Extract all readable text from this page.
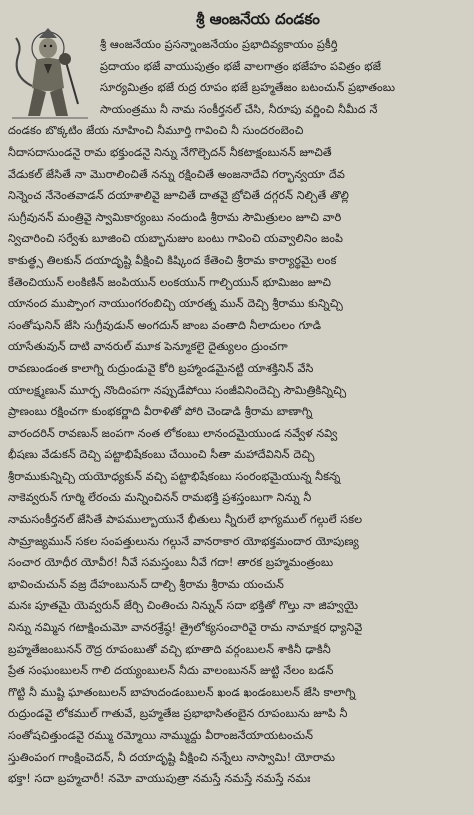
శ్రీ ఆంజనేయ దండకం
శ్రీ ఆంజనేయం ప్రసన్నాంజనేయం ప్రభాదివ్యకాయం ప్రకీర్తి
ప్రదాయం భజే వాయుపుత్రం భజే వాలగాత్రం భజేహం పవిత్రం భజే
సూర్యమిత్రం భజే రుద్ర రూపం భజే బ్రహ్మతేజం బటంచున్ ప్రభాతంబు
సాయంత్రము నీ నామ సంకీర్తనల్ చేసి, నీరూపు వర్ణించి నీమీద నే
దండకం బొక్కటిం జేయ నూహించి నీమూర్తి గావించి నీ సుందరంబెంచి
నీదాసదాసుండనై రామ భక్తుండనై నిన్ను నేగొల్చెదన్ నీకటాక్షంబునన్ జూచితే
వేడుకల్ జేసితే నా మొరాలించితే నన్ను రక్షించితే అంజనాదేవి గర్భాన్వయా దేవ
నిన్నెంచ నేనెంతవాడన్ దయాశాలివై జూచితే దాతవై బ్రోచితే దగ్గరన్ నిల్చితే తొల్లి
సుగ్రీవునన్ మంత్రివై స్వామికార్యంబు నందుండి శ్రీరామ సౌమిత్రులం జూచి వారి
న్విచారించి సర్వేశు బూజించి యబ్భానుజుం బంటు గావించి యవ్వాలినిం జంపి
కాకుత్థ్స తిలకున్ దయాదృష్టి వీక్షించి కిష్కింద కేతెంచి శ్రీరామ కార్యార్థమై లంక
కేతెంచియున్ లంకిణిన్ జంపియున్ లంకయున్ గాల్చియున్ భూమిజం జూచి
యానంద ముప్పొంగ నాయుంగరంబిచ్చి యారత్న మున్ దెచ్చి శ్రీరాము కున్నిచ్చి
సంతోషునిన్ జేసి సుగ్రీవుడున్ అంగదున్ జాంబ వంతాది నీలాదులం గూడి
యాసేతువున్ దాటి వానరుల్ మూక పెన్మూకలై దైత్యులం ద్రుంచగా
రావణుండంత కాలాగ్ని రుద్రుండువై కోరి బ్రహ్మాండమైనట్టి యాశక్తినిన్ వేసి
యాలక్ష్మణున్ మూర్ఛ నొందింపగా నప్పుడేపోయి సంజీవినిందెచ్చి సౌమిత్రికిన్నిచ్చి
ప్రాణంబు రక్షించగా కుంభకర్ణాది వీరాళితో పోరి చెండాడి శ్రీరామ బాణాగ్ని
వారందరిన్ రావణున్ జంపగా నంత లోకంబు లానందమైయుండ నవ్వేళ నవ్వి
భీషణు వేడుకన్ దెచ్చి పట్టాభిషేకంబు చేయించి సీతా మహాదేవినిన్ దెచ్చి
శ్రీరాముకున్నిచ్చి యయోధ్యకున్ వచ్చి పట్టాభిషేకంబు సంరంభమైయున్న నీకన్న
నాకెవ్వరున్ గూర్మి లేరంచు మన్నించినన్ రామభక్తి ప్రశస్తంబుగా నిన్ను నీ
నామసంకీర్తనల్ జేసితే పాపముల్బాయునే భీతులు న్నీరులే భాగ్యముల్ గల్గులే సకల
సామ్రాజ్యమున్ సకల సంపత్తులును గల్గునే వానరాకార యోభక్తమందార యోపుణ్య
సంచార యోధీర యోవీర! నీవే సమస్తంబు నీవే గదా! తారక బ్రహ్మమంత్రంబు
భావించుచున్ వజ్ర దేహంబునున్ దాల్చి శ్రీరామ శ్రీరామ యంచున్
మనః పూతమై యెవ్వరున్ జేర్చి చింతించు నిన్నున్ సదా భక్తితో గొల్తు నా జిహ్వయై
నిన్ను నమ్మిన గటాక్షించుమో వానరశ్రేష్ఠ! త్రైలోక్యసంచారివై రామ నామాక్షర ధ్యానివై
బ్రహ్మతేజంబునన్ రౌద్ర రూపంబుతో వచ్చి భూతాది వర్గంబులన్ శాకినీ ఢాకినీ
ప్రేత సంఘంబులన్ గాలి దయ్యంబులన్ నీదు వాలంబునన్ జుట్టి నేలం బడన్
గొట్టి నీ ముష్టి ఘాతంబులన్ బాహుదండంబులన్ ఖండ ఖండంబులన్ జేసి కాలాగ్ని
రుద్రుండవై లోకముల్ గాతువే, బ్రహ్మతేజ ప్రభాభాసితంబైన రూపంబును జూపి నీ
సంతోషచిత్తుండవై రమ్ము రమ్మోయి నామ్ముద్దు వీరాంజనేయాయటంచున్
స్తుతింపంగ గాంక్షించెదన్, నీ దయాదృష్టి వీక్షించి నన్నేలు నాస్వామి! యోరామ
భక్తా! సదా బ్రహ్మచారీ! నమో వాయుపుత్రా నమస్తే నమస్తే నమస్తే నమః
